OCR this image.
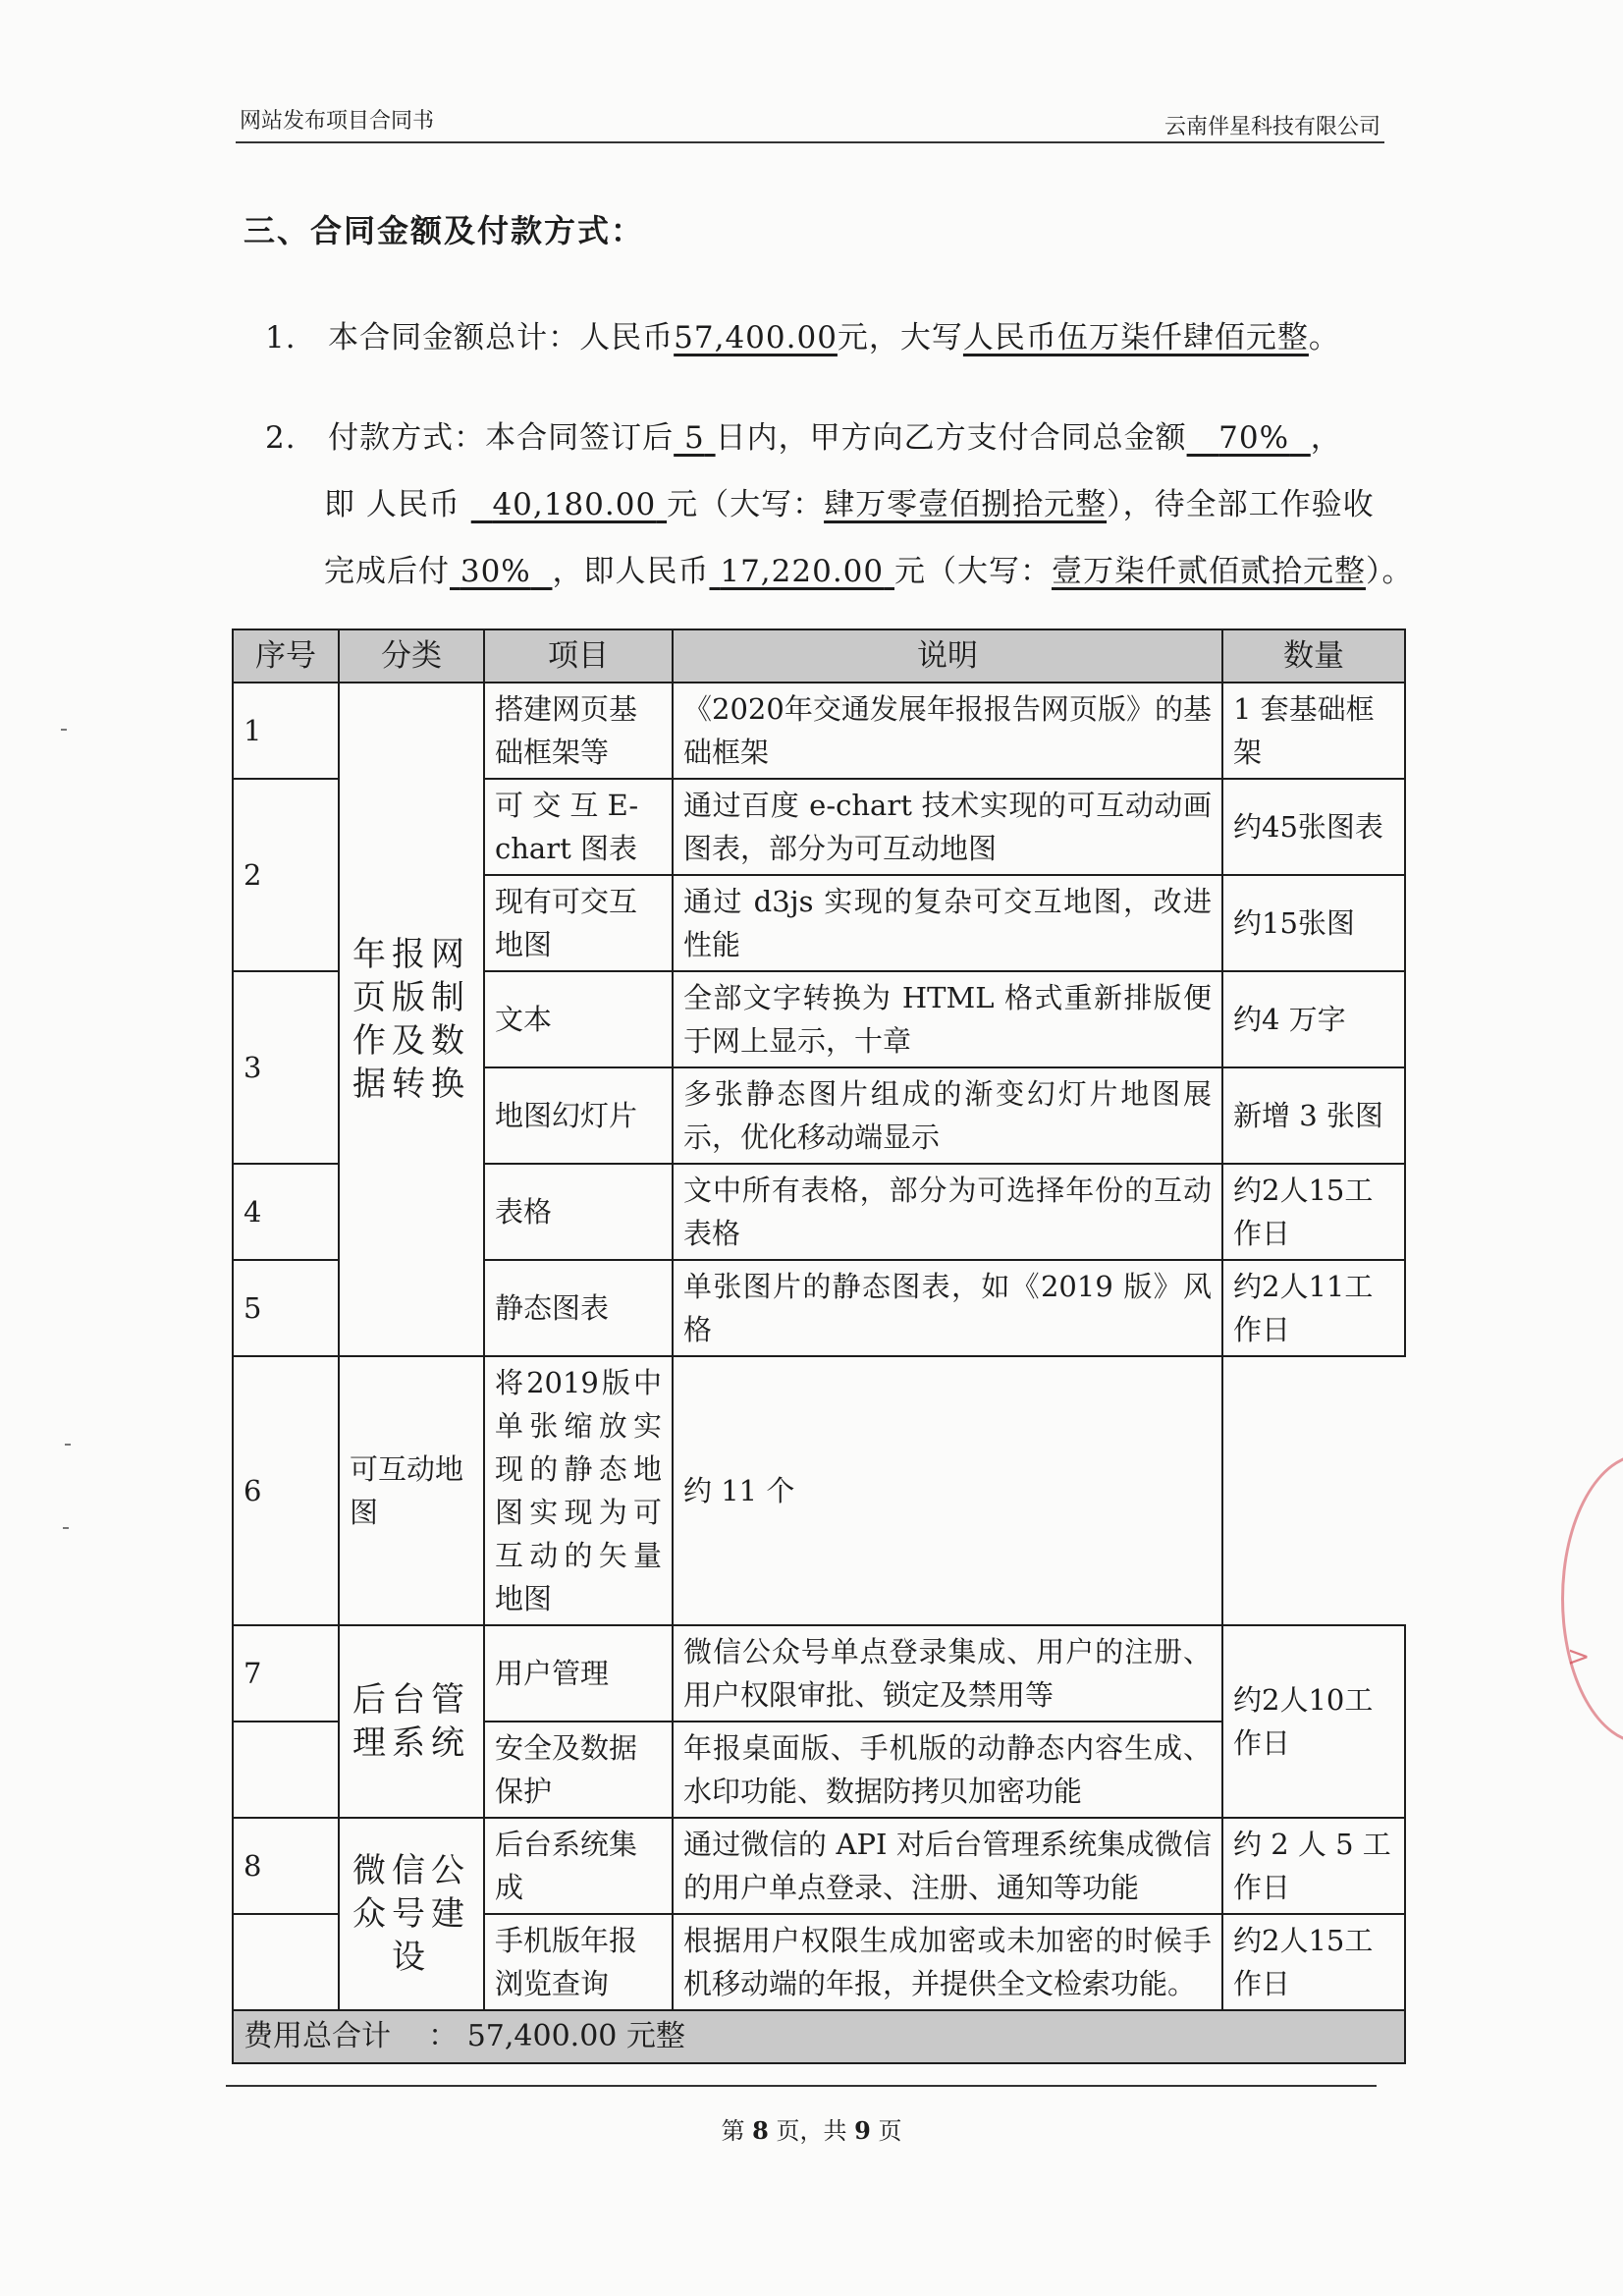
网站发布项目合同书	云南伴星科技有限公司
三、合同金额及付款方式：
1. 本合同金额总计：人民币57,400.00元，大写人民币伍万柒仟肆佰元整。
2. 付款方式：本合同签订后 5 日内，甲方向乙方支付合同总金额 70% ，
即 人民币 40,180.00 元（大写：肆万零壹佰捌拾元整），待全部工作验收
完成后付 30% ，即人民币 17,220.00 元（大写：壹万柒仟贰佰贰拾元整）。
序号	分类	项目	说明	数量
1	年报网页版制作及数据转换	搭建网页基础框架等	《2020年交通发展年报报告网页版》的基础框架	1 套基础框架
2		可 交 互 E-chart 图表	通过百度 e-chart 技术实现的可互动动画图表，部分为可互动地图	约45张图表
		现有可交互地图	通过 d3js 实现的复杂可交互地图，改进性能	约15张图
3		文本	全部文字转换为 HTML 格式重新排版便于网上显示，十章	约4 万字
		地图幻灯片	多张静态图片组成的渐变幻灯片地图展示，优化移动端显示	新增 3 张图
4		表格	文中所有表格，部分为可选择年份的互动表格	约2人15工作日
5		静态图表	单张图片的静态图表，如《2019 版》风格	约2人11工作日
6	可互动地图	将2019版中单张缩放实现的静态地图实现为可互动的矢量地图	约 11 个	
7	后台管理系统	用户管理	微信公众号单点登录集成、用户的注册、用户权限审批、锁定及禁用等	约2人10工作日
		安全及数据保护	年报桌面版、手机版的动静态内容生成、水印功能、数据防拷贝加密功能	
8	微信公众号建设	后台系统集成	通过微信的 API 对后台管理系统集成微信的用户单点登录、注册、通知等功能	约 2 人 5 工作日
		手机版年报浏览查询	根据用户权限生成加密或未加密的时候手机移动端的年报，并提供全文检索功能。	约2人15工作日
费用总合计 ： 57,400.00 元整				
第 8 页，共 9 页
>
